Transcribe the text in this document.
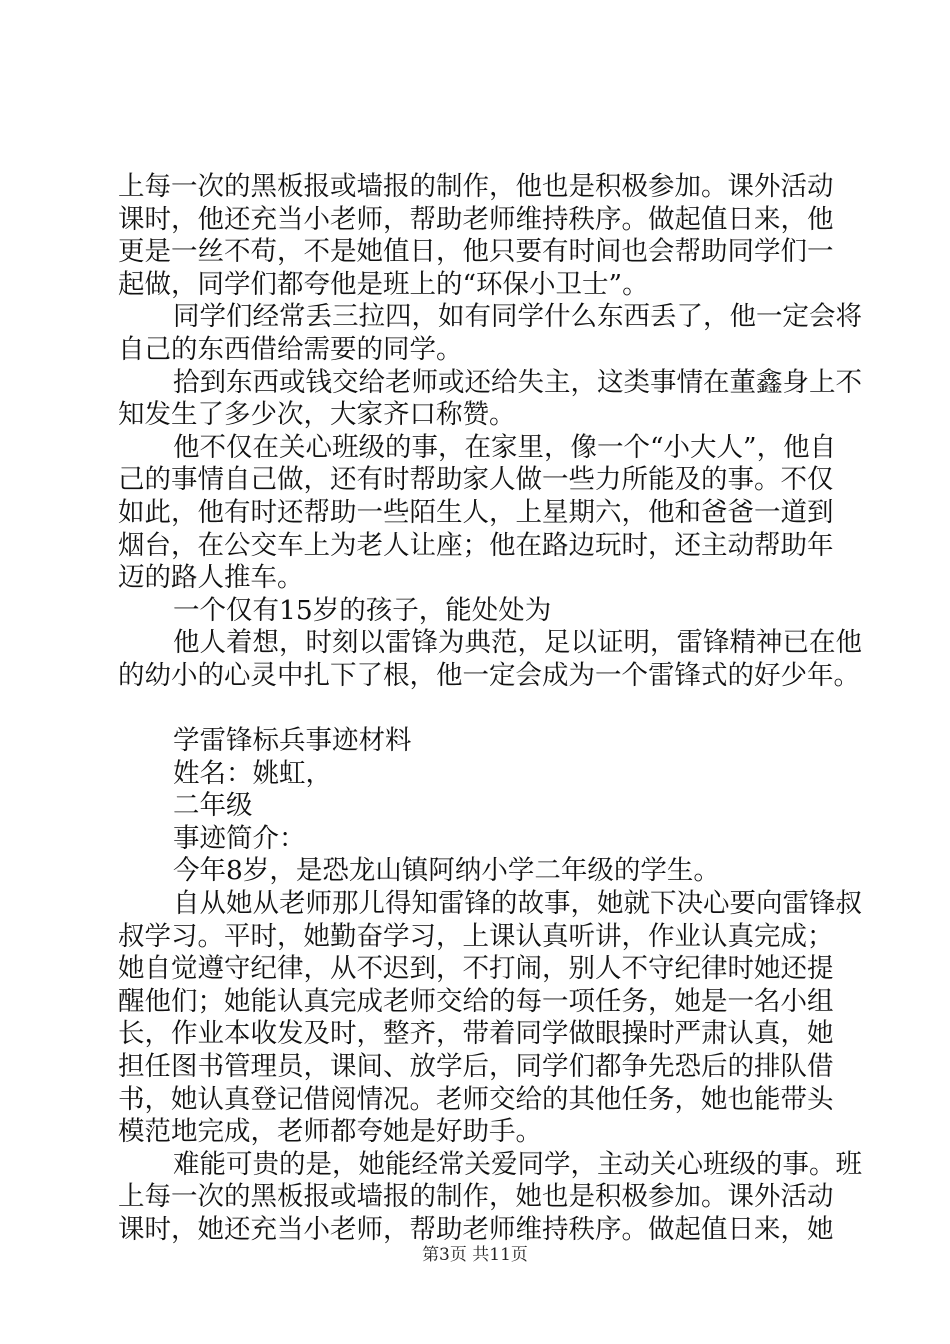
上每一次的黑板报或墙报的制作，他也是积极参加。课外活动
课时，他还充当小老师，帮助老师维持秩序。做起值日来，他
更是一丝不苟，不是她值日，他只要有时间也会帮助同学们一
起做，同学们都夸他是班上的“环保小卫士”。
同学们经常丢三拉四，如有同学什么东西丢了，他一定会将
自己的东西借给需要的同学。
拾到东西或钱交给老师或还给失主，这类事情在董鑫身上不
知发生了多少次，大家齐口称赞。
他不仅在关心班级的事，在家里，像一个“小大人”，他自
己的事情自己做，还有时帮助家人做一些力所能及的事。不仅
如此，他有时还帮助一些陌生人，上星期六，他和爸爸一道到
烟台，在公交车上为老人让座；他在路边玩时，还主动帮助年
迈的路人推车。
一个仅有15岁的孩子，能处处为
他人着想，时刻以雷锋为典范，足以证明，雷锋精神已在他
的幼小的心灵中扎下了根，他一定会成为一个雷锋式的好少年。
学雷锋标兵事迹材料
姓名：姚虹，
二年级
事迹简介：
今年8岁，是恐龙山镇阿纳小学二年级的学生。
自从她从老师那儿得知雷锋的故事，她就下决心要向雷锋叔
叔学习。平时，她勤奋学习，上课认真听讲，作业认真完成；
她自觉遵守纪律，从不迟到，不打闹，别人不守纪律时她还提
醒他们；她能认真完成老师交给的每一项任务，她是一名小组
长，作业本收发及时，整齐，带着同学做眼操时严肃认真，她
担任图书管理员，课间、放学后，同学们都争先恐后的排队借
书，她认真登记借阅情况。老师交给的其他任务，她也能带头
模范地完成，老师都夸她是好助手。
难能可贵的是，她能经常关爱同学，主动关心班级的事。班
上每一次的黑板报或墙报的制作，她也是积极参加。课外活动
课时，她还充当小老师，帮助老师维持秩序。做起值日来，她
第3页 共11页
